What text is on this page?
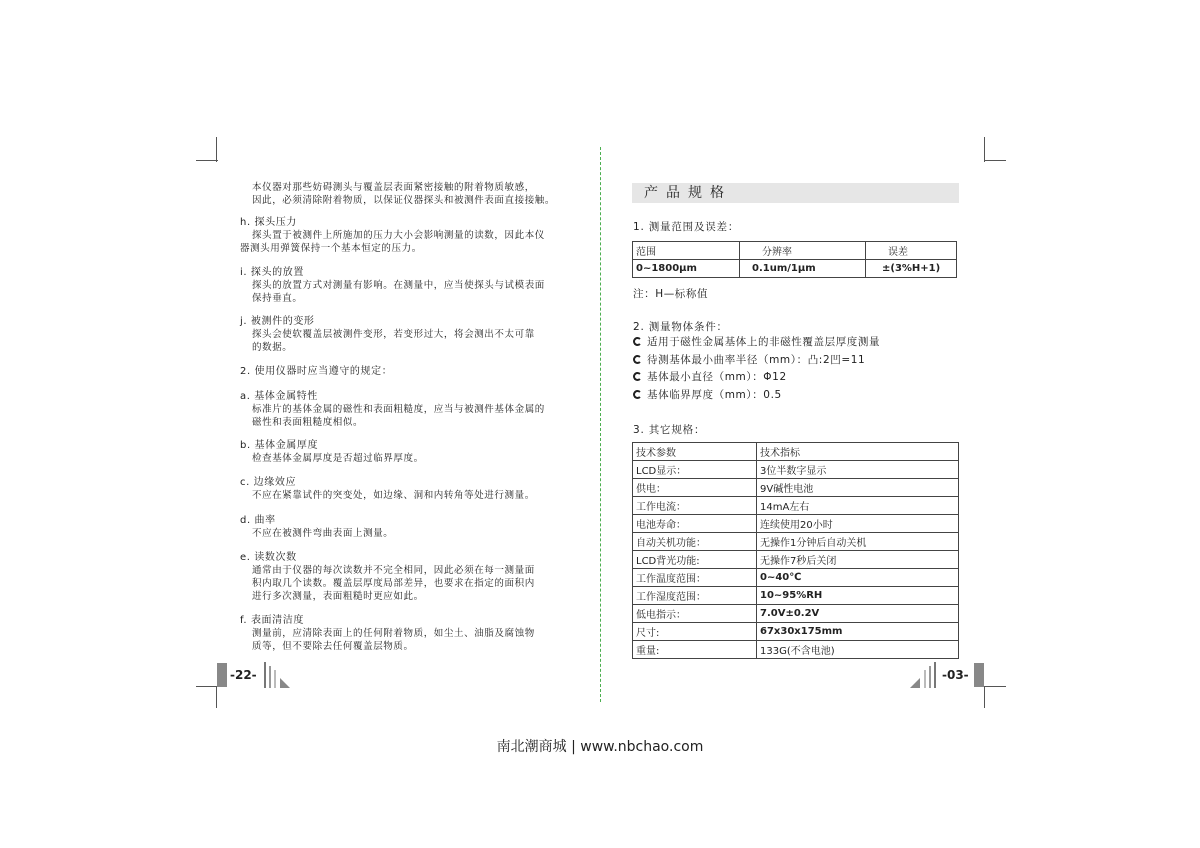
本仪器对那些妨碍测头与覆盖层表面紧密接触的附着物质敏感，
因此，必须清除附着物质，以保证仪器探头和被测件表面直接接触。
h. 探头压力
探头置于被测件上所施加的压力大小会影响测量的读数，因此本仪
器测头用弹簧保持一个基本恒定的压力。
i. 探头的放置
探头的放置方式对测量有影响。在测量中，应当使探头与试模表面
保持垂直。
j. 被测件的变形
探头会使软覆盖层被测件变形，若变形过大，将会测出不太可靠
的数据。
2. 使用仪器时应当遵守的规定：
a. 基体金属特性
标准片的基体金属的磁性和表面粗糙度，应当与被测件基体金属的
磁性和表面粗糙度相似。
b. 基体金属厚度
检查基体金属厚度是否超过临界厚度。
c. 边缘效应
不应在紧靠试件的突变处，如边缘、洞和内转角等处进行测量。
d. 曲率
不应在被测件弯曲表面上测量。
e. 读数次数
通常由于仪器的每次读数并不完全相同，因此必须在每一测量面
积内取几个读数。覆盖层厚度局部差异，也要求在指定的面积内
进行多次测量，表面粗糙时更应如此。
f. 表面清洁度
测量前，应清除表面上的任何附着物质，如尘土、油脂及腐蚀物
质等，但不要除去任何覆盖层物质。
-22-
产品规格
1. 测量范围及误差：
范围	分辨率	误差
0~1800μm	0.1um/1μm	±(3%H+1)
注：H—标称值
2. 测量物体条件：
适用于磁性金属基体上的非磁性覆盖层厚度测量
待测基体最小曲率半径（mm）：凸:2凹=11
基体最小直径（mm）：Φ12
基体临界厚度（mm）：0.5
3. 其它规格：
技术参数	技术指标
LCD显示：	3位半数字显示
供电：	9V碱性电池
工作电流：	14mA左右
电池寿命：	连续使用20小时
自动关机功能：	无操作1分钟后自动关机
LCD背光功能:	无操作7秒后关闭
工作温度范围：	0~40℃
工作湿度范围：	10~95%RH
低电指示：	7.0V±0.2V
尺寸:	67x30x175mm
重量:	133G(不含电池)
-03-
南北潮商城 | www.nbchao.com
